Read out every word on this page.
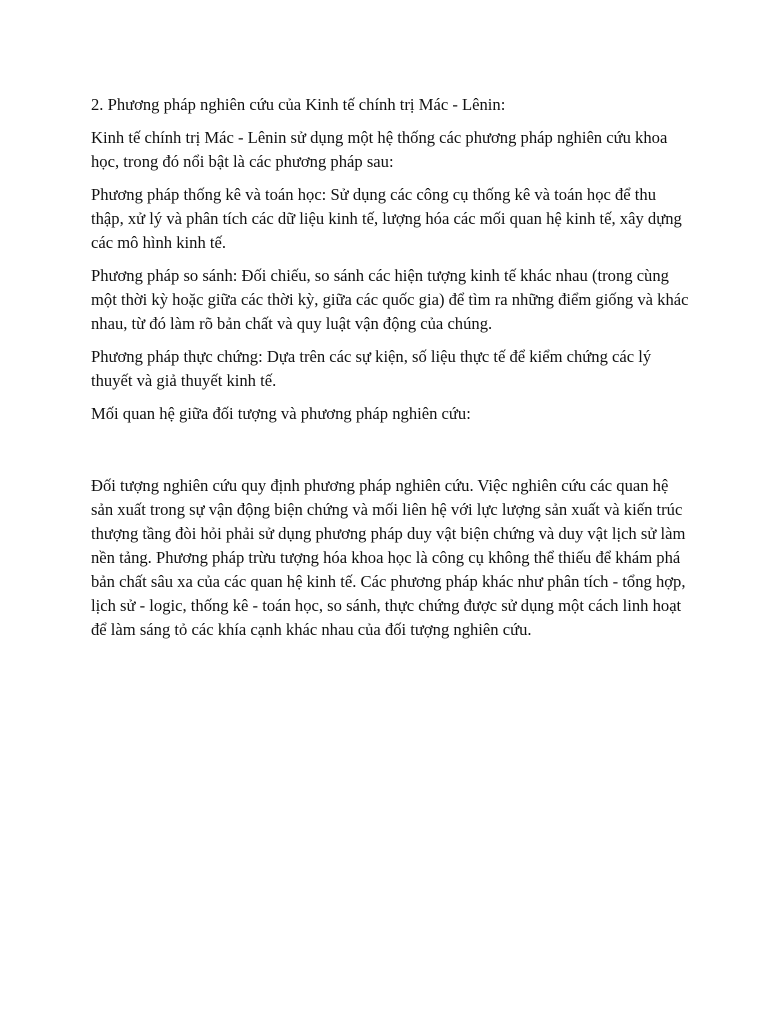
2. Phương pháp nghiên cứu của Kinh tế chính trị Mác - Lênin:

Kinh tế chính trị Mác - Lênin sử dụng một hệ thống các phương pháp nghiên cứu khoa học, trong đó nổi bật là các phương pháp sau:

Phương pháp thống kê và toán học: Sử dụng các công cụ thống kê và toán học để thu thập, xử lý và phân tích các dữ liệu kinh tế, lượng hóa các mối quan hệ kinh tế, xây dựng các mô hình kinh tế.

Phương pháp so sánh: Đối chiếu, so sánh các hiện tượng kinh tế khác nhau (trong cùng một thời kỳ hoặc giữa các thời kỳ, giữa các quốc gia) để tìm ra những điểm giống và khác nhau, từ đó làm rõ bản chất và quy luật vận động của chúng.

Phương pháp thực chứng: Dựa trên các sự kiện, số liệu thực tế để kiểm chứng các lý thuyết và giả thuyết kinh tế.

Mối quan hệ giữa đối tượng và phương pháp nghiên cứu:

Đối tượng nghiên cứu quy định phương pháp nghiên cứu. Việc nghiên cứu các quan hệ sản xuất trong sự vận động biện chứng và mối liên hệ với lực lượng sản xuất và kiến trúc thượng tầng đòi hỏi phải sử dụng phương pháp duy vật biện chứng và duy vật lịch sử làm nền tảng. Phương pháp trừu tượng hóa khoa học là công cụ không thể thiếu để khám phá bản chất sâu xa của các quan hệ kinh tế. Các phương pháp khác như phân tích - tổng hợp, lịch sử - logic, thống kê - toán học, so sánh, thực chứng được sử dụng một cách linh hoạt để làm sáng tỏ các khía cạnh khác nhau của đối tượng nghiên cứu.
